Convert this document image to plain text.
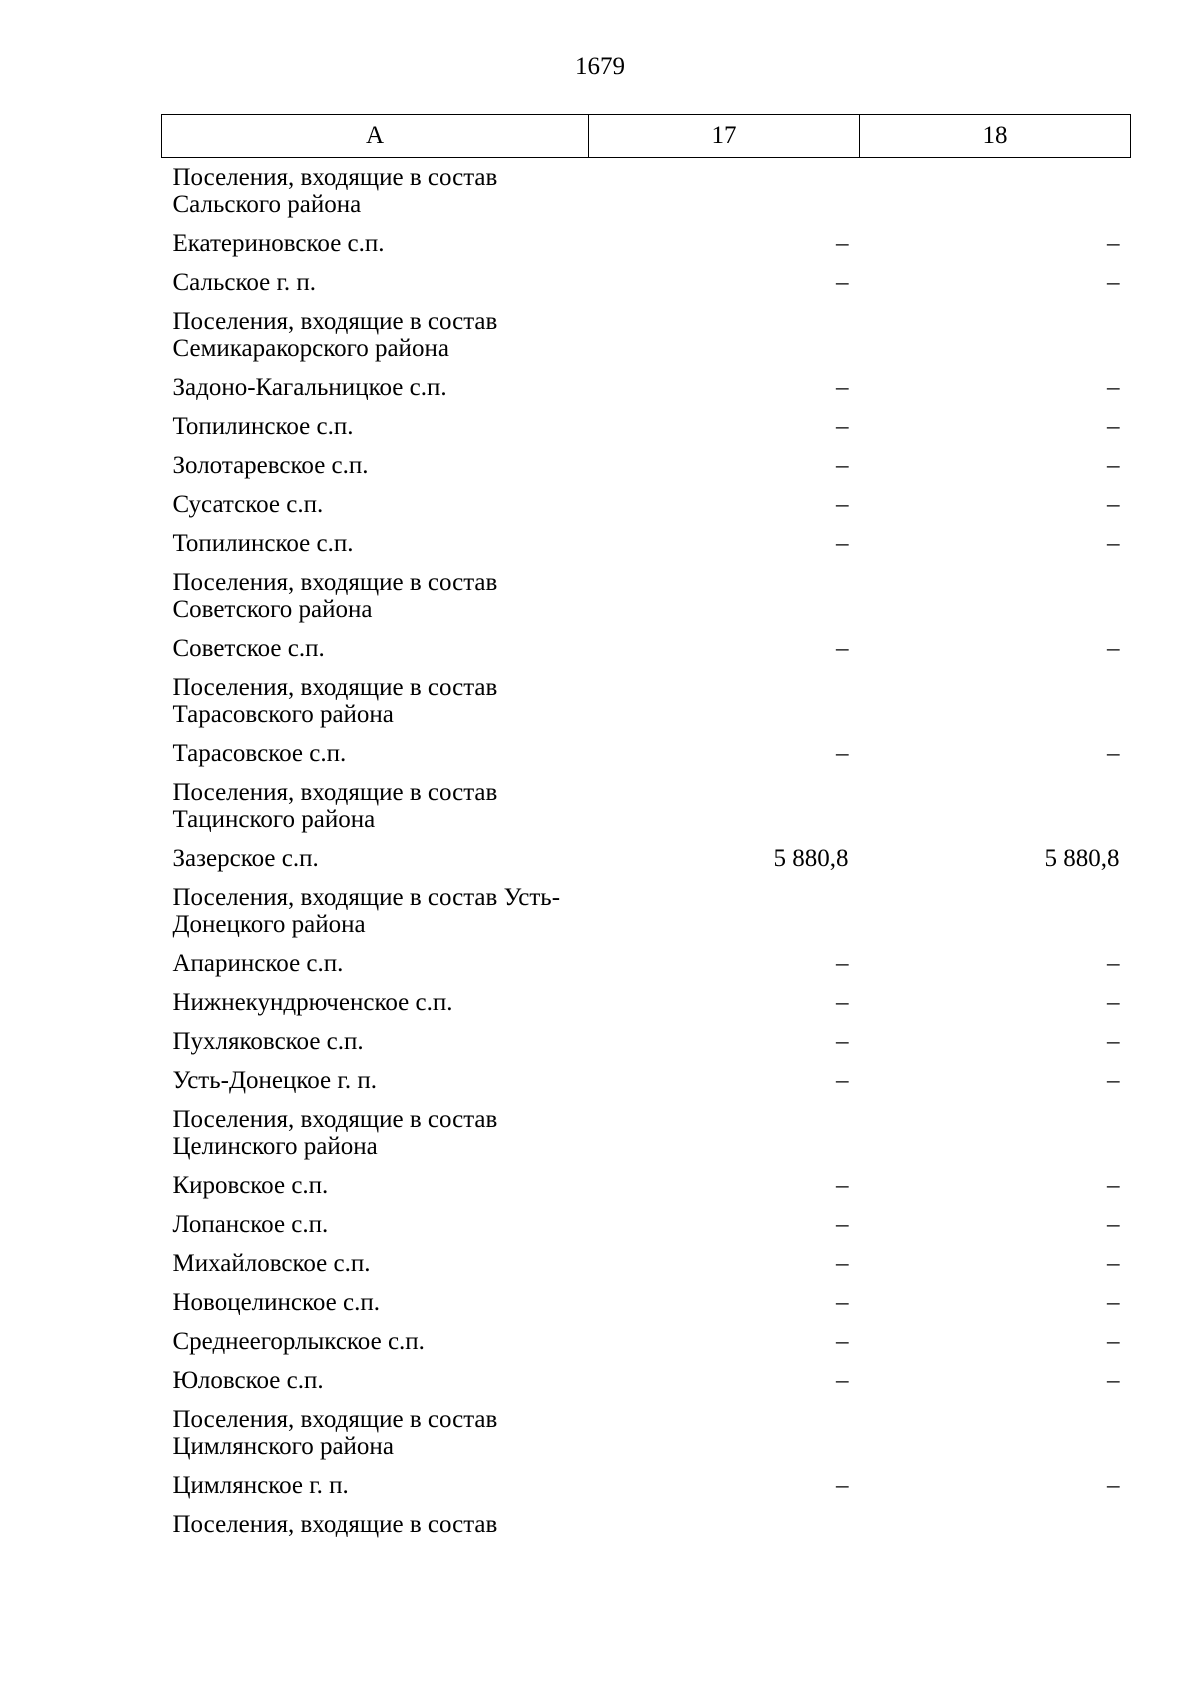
1679
А	17	18
Поселения, входящие в состав Сальского района		
Екатериновское с.п.	–	–
Сальское г. п.	–	–
Поселения, входящие в состав Семикаракорского района		
Задоно-Кагальницкое с.п.	–	–
Топилинское с.п.	–	–
Золотаревское с.п.	–	–
Сусатское с.п.	–	–
Топилинское с.п.	–	–
Поселения, входящие в состав Советского района		
Советское с.п.	–	–
Поселения, входящие в состав Тарасовского района		
Тарасовское с.п.	–	–
Поселения, входящие в состав Тацинского района		
Зазерское с.п.	5 880,8	5 880,8
Поселения, входящие в состав Усть-Донецкого района		
Апаринское с.п.	–	–
Нижнекундрюченское с.п.	–	–
Пухляковское с.п.	–	–
Усть-Донецкое г. п.	–	–
Поселения, входящие в состав Целинского района		
Кировское с.п.	–	–
Лопанское с.п.	–	–
Михайловское с.п.	–	–
Новоцелинское с.п.	–	–
Среднеегорлыкское с.п.	–	–
Юловское с.п.	–	–
Поселения, входящие в состав Цимлянского района		
Цимлянское г. п.	–	–
Поселения, входящие в состав		
